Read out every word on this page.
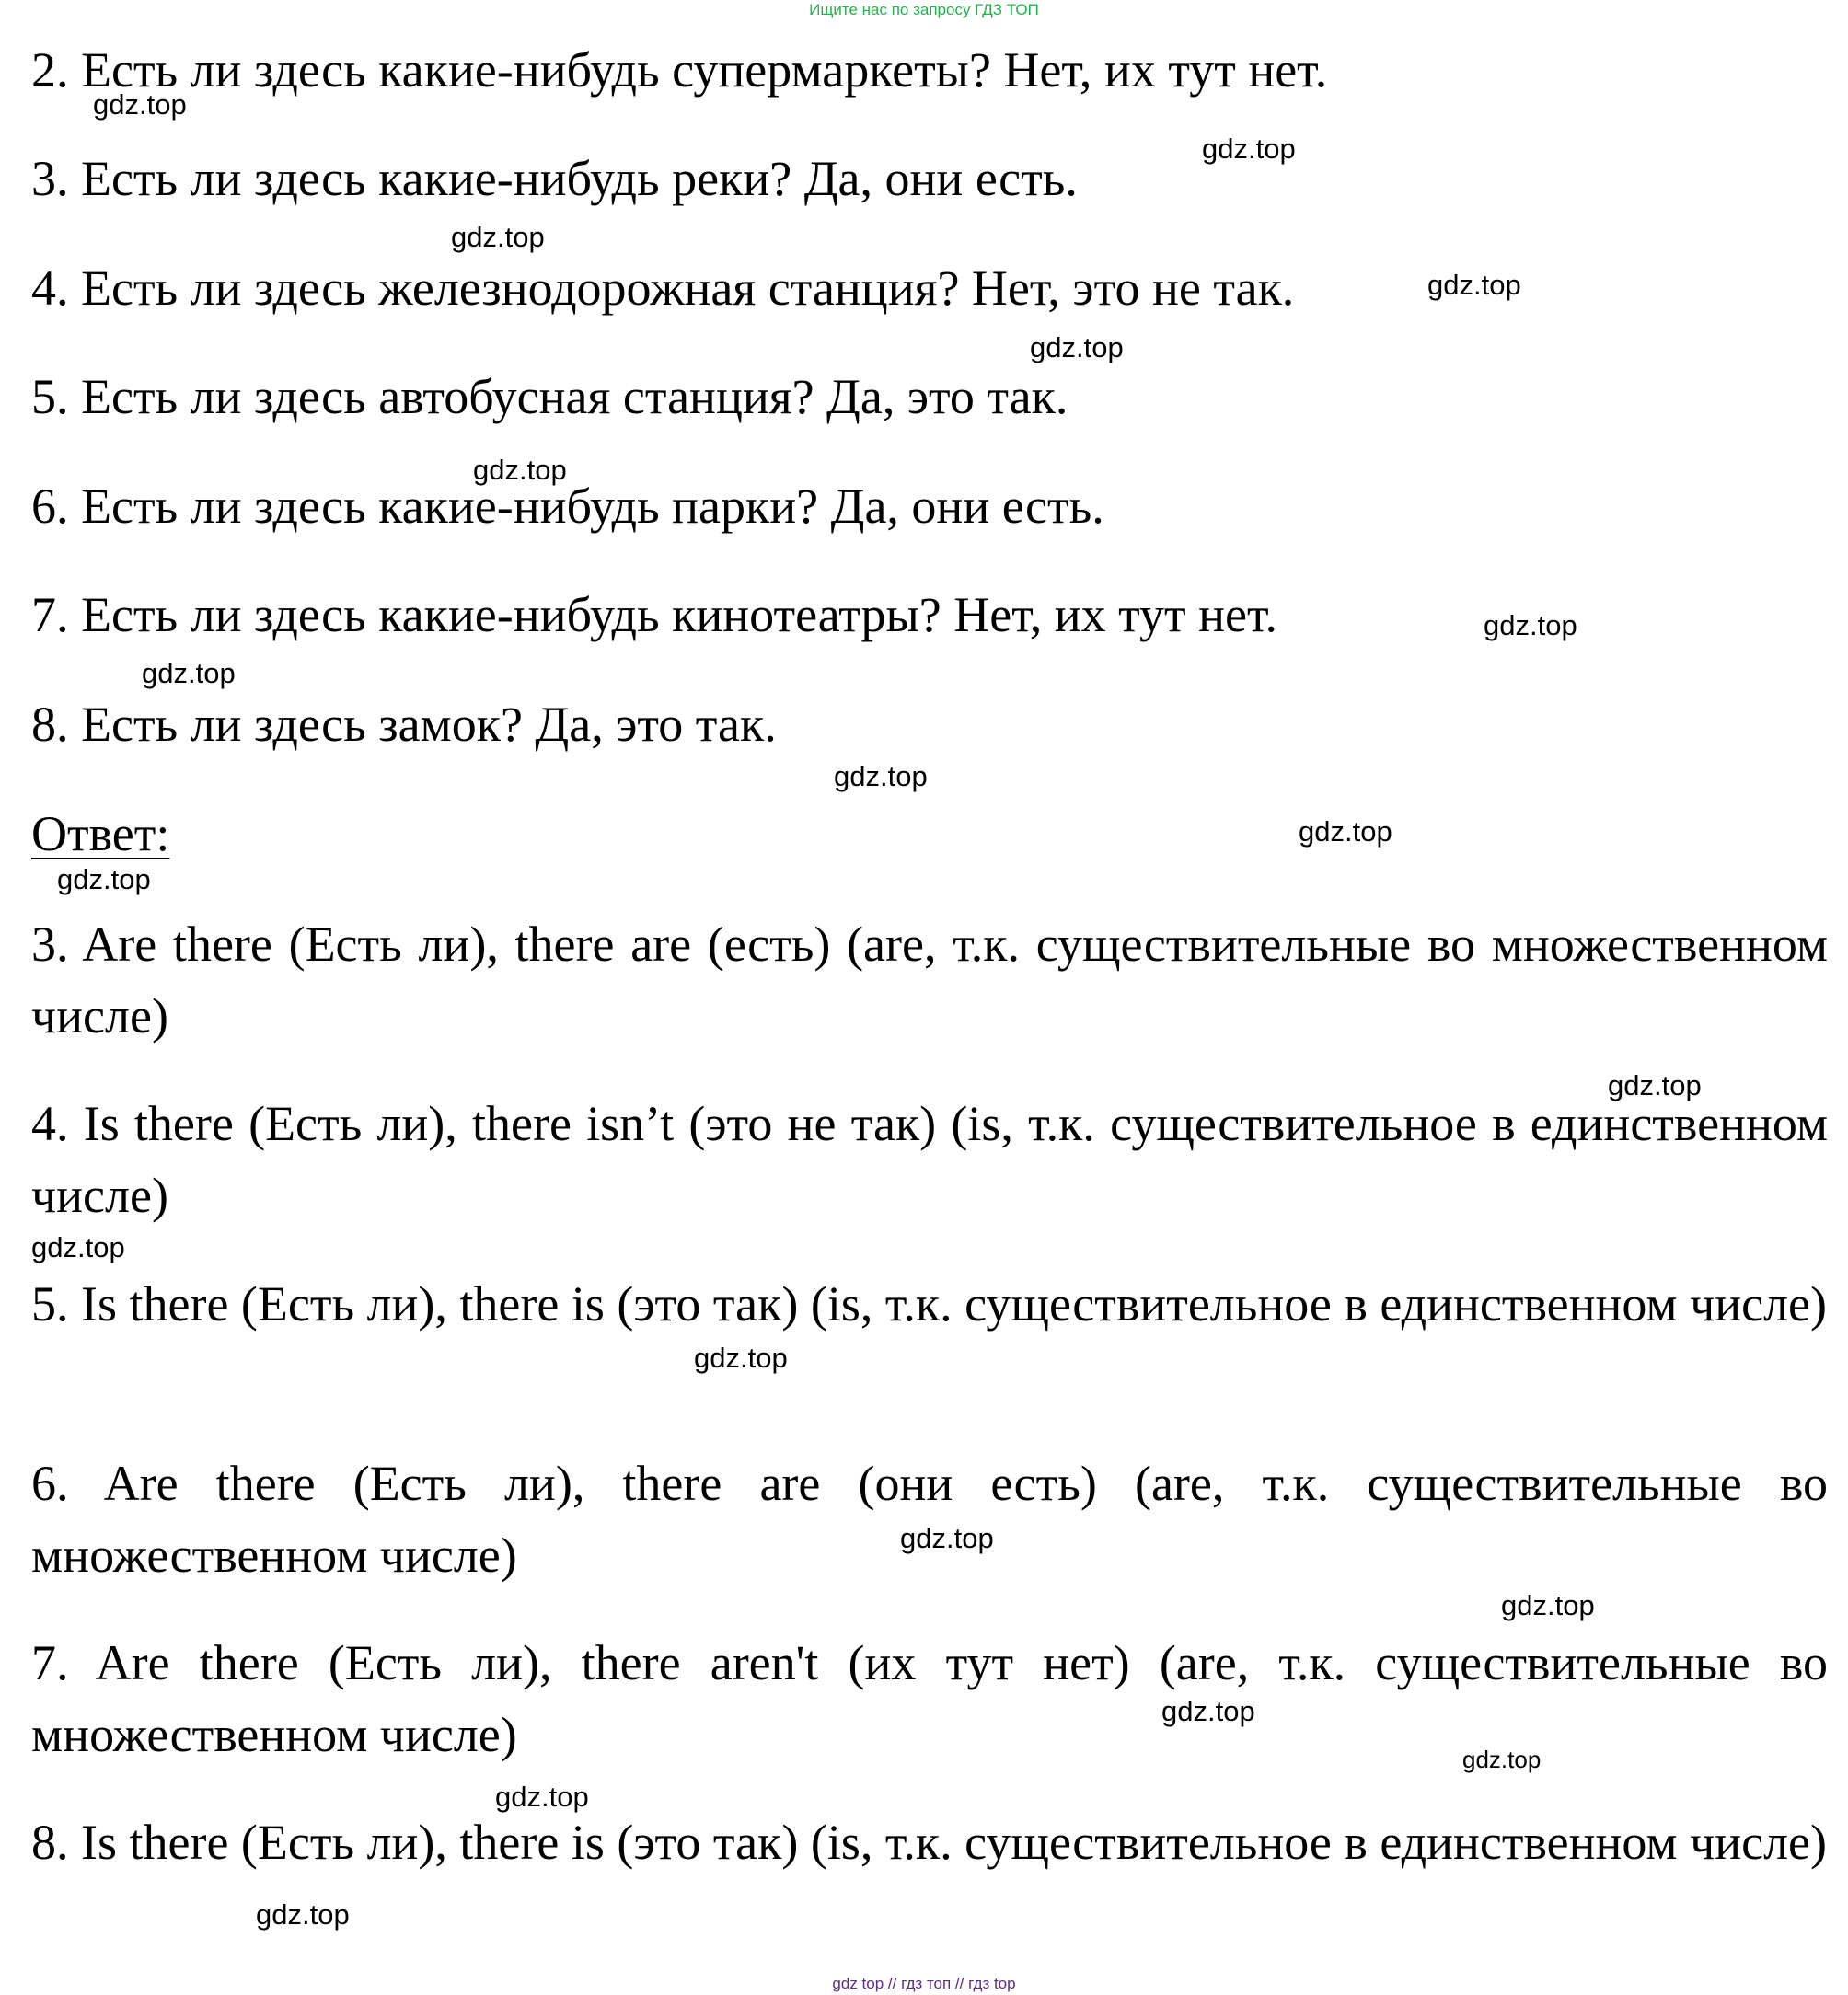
Ищите нас по запросу ГДЗ ТОП
2. Есть ли здесь какие-нибудь супермаркеты? Нет, их тут нет.
3. Есть ли здесь какие-нибудь реки? Да, они есть.
4. Есть ли здесь железнодорожная станция? Нет, это не так.
5. Есть ли здесь автобусная станция? Да, это так.
6. Есть ли здесь какие-нибудь парки? Да, они есть.
7. Есть ли здесь какие-нибудь кинотеатры? Нет, их тут нет.
8. Есть ли здесь замок? Да, это так.
Ответ:
3. Are there (Есть ли), there are (есть) (are, т.к. существительные во множественном числе)
4. Is there (Есть ли), there isn’t (это не так) (is, т.к. существительное в единственном числе)
5. Is there (Есть ли), there is (это так) (is, т.к. существительное в единственном числе)
6. Are there (Есть ли), there are (они есть) (are, т.к. существительные во множественном числе)
7. Are there (Есть ли), there aren't (их тут нет) (are, т.к. существительные во множественном числе)
8. Is there (Есть ли), there is (это так) (is, т.к. существительное в единственном числе)
gdz.top
gdz.top
gdz.top
gdz.top
gdz.top
gdz.top
gdz.top
gdz.top
gdz.top
gdz.top
gdz.top
gdz.top
gdz.top
gdz.top
gdz.top
gdz.top
gdz.top
gdz.top
gdz.top
gdz.top
gdz top // гдз топ // гдз top
